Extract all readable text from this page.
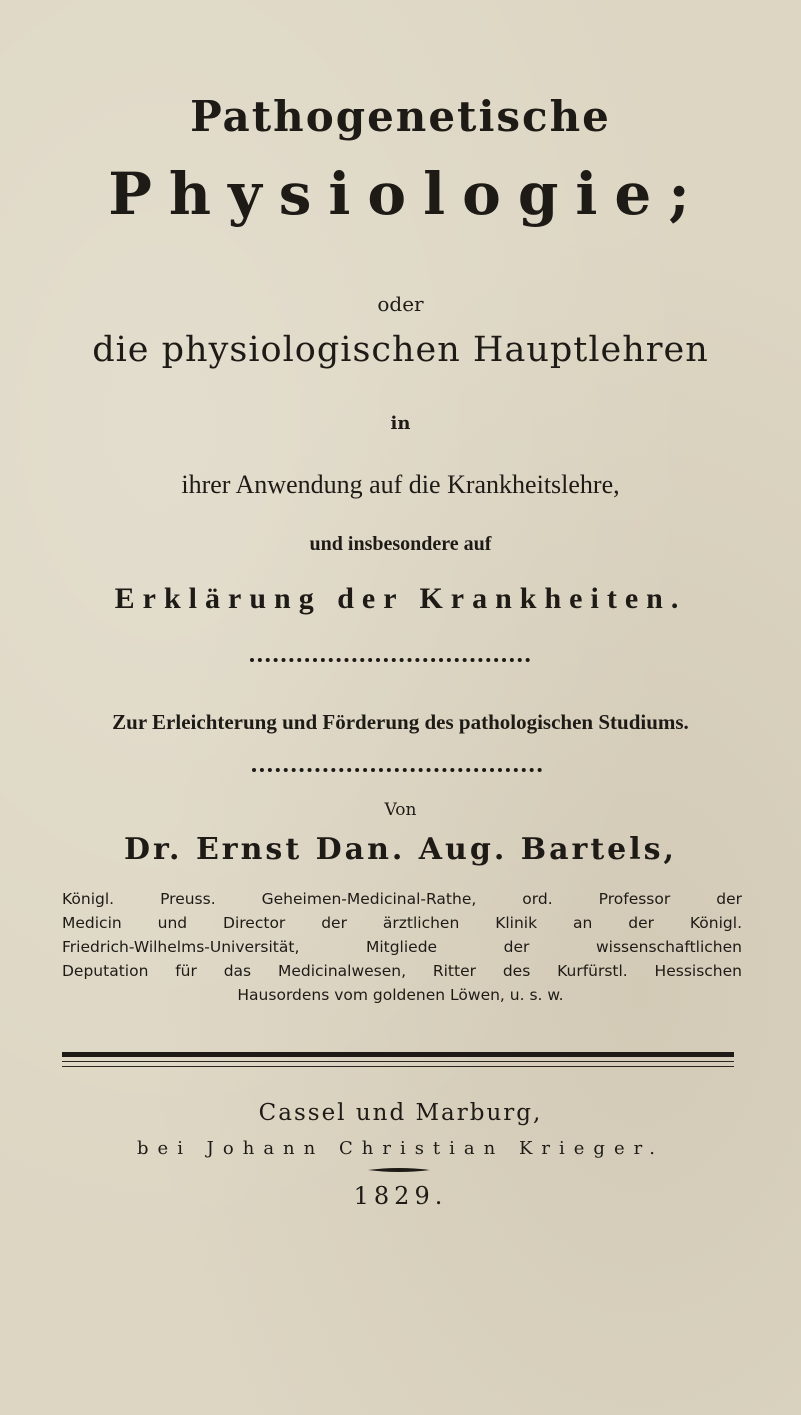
Pathogenetische
Physiologie;
oder
die physiologischen Hauptlehren
in
ihrer Anwendung auf die Krankheitslehre,
und insbesondere auf
Erklärung der Krankheiten.
Zur Erleichterung und Förderung des pathologischen Studiums.
Von
Dr. Ernst Dan. Aug. Bartels,
Königl. Preuss. Geheimen-Medicinal-Rathe, ord. Professor der
Medicin und Director der ärztlichen Klinik an der Königl.
Friedrich-Wilhelms-Universität, Mitgliede der wissenschaftlichen
Deputation für das Medicinalwesen, Ritter des Kurfürstl. Hessischen
Hausordens vom goldenen Löwen, u. s. w.
Cassel und Marburg,
bei Johann Christian Krieger.
1829.
